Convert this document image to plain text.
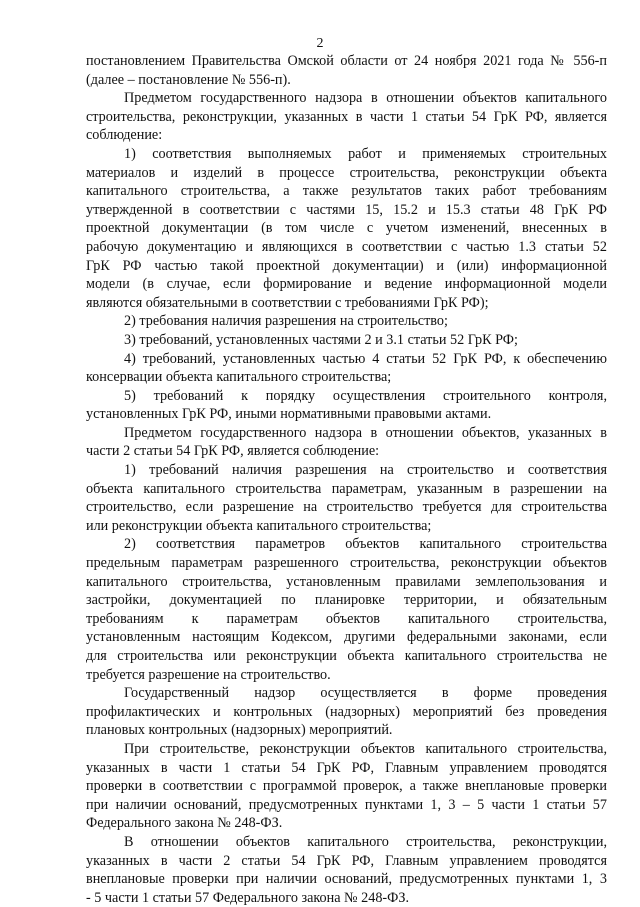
2
постановлением Правительства Омской области от 24 ноября 2021 года № 556-п
(далее – постановление № 556-п).
Предметом государственного надзора в отношении объектов капитального
строительства, реконструкции, указанных в части 1 статьи 54 ГрК РФ, является
соблюдение:
1) соответствия выполняемых работ и применяемых строительных
материалов и изделий в процессе строительства, реконструкции объекта
капитального строительства, а также результатов таких работ требованиям
утвержденной в соответствии с частями 15, 15.2 и 15.3 статьи 48 ГрК РФ
проектной документации (в том числе с учетом изменений, внесенных в
рабочую документацию и являющихся в соответствии с частью 1.3 статьи 52
ГрК РФ частью такой проектной документации) и (или) информационной
модели (в случае, если формирование и ведение информационной модели
являются обязательными в соответствии с требованиями ГрК РФ);
2) требования наличия разрешения на строительство;
3) требований, установленных частями 2 и 3.1 статьи 52 ГрК РФ;
4) требований, установленных частью 4 статьи 52 ГрК РФ, к обеспечению
консервации объекта капитального строительства;
5) требований к порядку осуществления строительного контроля,
установленных ГрК РФ, иными нормативными правовыми актами.
Предметом государственного надзора в отношении объектов, указанных в
части 2 статьи 54 ГрК РФ, является соблюдение:
1) требований наличия разрешения на строительство и соответствия
объекта капитального строительства параметрам, указанным в разрешении на
строительство, если разрешение на строительство требуется для строительства
или реконструкции объекта капитального строительства;
2) соответствия параметров объектов капитального строительства
предельным параметрам разрешенного строительства, реконструкции объектов
капитального строительства, установленным правилами землепользования и
застройки, документацией по планировке территории, и обязательным
требованиям к параметрам объектов капитального строительства,
установленным настоящим Кодексом, другими федеральными законами, если
для строительства или реконструкции объекта капитального строительства не
требуется разрешение на строительство.
Государственный надзор осуществляется в форме проведения
профилактических и контрольных (надзорных) мероприятий без проведения
плановых контрольных (надзорных) мероприятий.
При строительстве, реконструкции объектов капитального строительства,
указанных в части 1 статьи 54 ГрК РФ, Главным управлением проводятся
проверки в соответствии с программой проверок, а также внеплановые проверки
при наличии оснований, предусмотренных пунктами 1, 3 – 5 части 1 статьи 57
Федерального закона № 248-ФЗ.
В отношении объектов капитального строительства, реконструкции,
указанных в части 2 статьи 54 ГрК РФ, Главным управлением проводятся
внеплановые проверки при наличии оснований, предусмотренных пунктами 1, 3
- 5 части 1 статьи 57 Федерального закона № 248-ФЗ.
